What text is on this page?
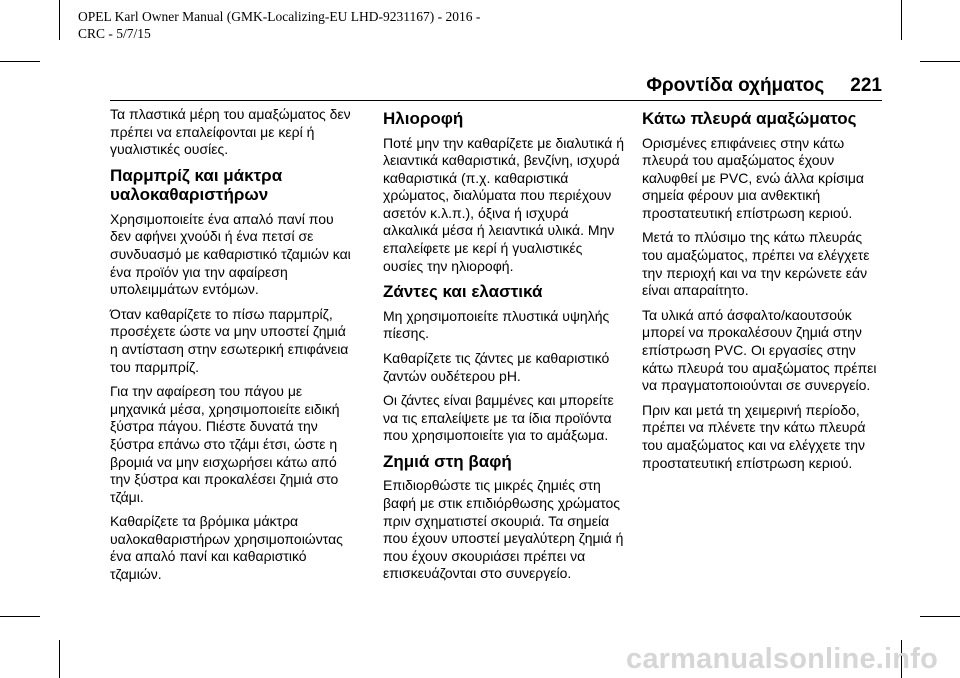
OPEL Karl Owner Manual (GMK-Localizing-EU LHD-9231167) - 2016 -
CRC - 5/7/15
Φροντίδα οχήματος 221

Τα πλαστικά μέρη του αμαξώματος δεν πρέπει να επαλείφονται με κερί ή γυαλιστικές ουσίες.

Παρμπρίζ και μάκτρα υαλοκαθαριστήρων

Χρησιμοποιείτε ένα απαλό πανί που δεν αφήνει χνούδι ή ένα πετσί σε συνδυασμό με καθαριστικό τζαμιών και ένα προϊόν για την αφαίρεση υπολειμμάτων εντόμων.

Όταν καθαρίζετε το πίσω παρμπρίζ, προσέχετε ώστε να μην υποστεί ζημιά η αντίσταση στην εσωτερική επιφάνεια του παρμπρίζ.

Για την αφαίρεση του πάγου με μηχανικά μέσα, χρησιμοποιείτε ειδική ξύστρα πάγου. Πιέστε δυνατά την ξύστρα επάνω στο τζάμι έτσι, ώστε η βρομιά να μην εισχωρήσει κάτω από την ξύστρα και προκαλέσει ζημιά στο τζάμι.

Καθαρίζετε τα βρόμικα μάκτρα υαλοκαθαριστήρων χρησιμοποιώντας ένα απαλό πανί και καθαριστικό τζαμιών.

Ηλιοροφή

Ποτέ μην την καθαρίζετε με διαλυτικά ή λειαντικά καθαριστικά, βενζίνη, ισχυρά καθαριστικά (π.χ. καθαριστικά χρώματος, διαλύματα που περιέχουν ασετόν κ.λ.π.), όξινα ή ισχυρά αλκαλικά μέσα ή λειαντικά υλικά. Μην επαλείφετε με κερί ή γυαλιστικές ουσίες την ηλιοροφή.

Ζάντες και ελαστικά

Μη χρησιμοποιείτε πλυστικά υψηλής πίεσης.

Καθαρίζετε τις ζάντες με καθαριστικό ζαντών ουδέτερου pH.

Οι ζάντες είναι βαμμένες και μπορείτε να τις επαλείψετε με τα ίδια προϊόντα που χρησιμοποιείτε για το αμάξωμα.

Ζημιά στη βαφή

Επιδιορθώστε τις μικρές ζημιές στη βαφή με στικ επιδιόρθωσης χρώματος πριν σχηματιστεί σκουριά. Τα σημεία που έχουν υποστεί μεγαλύτερη ζημιά ή που έχουν σκουριάσει πρέπει να επισκευάζονται στο συνεργείο.

Κάτω πλευρά αμαξώματος

Ορισμένες επιφάνειες στην κάτω πλευρά του αμαξώματος έχουν καλυφθεί με PVC, ενώ άλλα κρίσιμα σημεία φέρουν μια ανθεκτική προστατευτική επίστρωση κεριού.

Μετά το πλύσιμο της κάτω πλευράς του αμαξώματος, πρέπει να ελέγχετε την περιοχή και να την κερώνετε εάν είναι απαραίτητο.

Τα υλικά από άσφαλτο/καουτσούκ μπορεί να προκαλέσουν ζημιά στην επίστρωση PVC. Οι εργασίες στην κάτω πλευρά του αμαξώματος πρέπει να πραγματοποιούνται σε συνεργείο.

Πριν και μετά τη χειμερινή περίοδο, πρέπει να πλένετε την κάτω πλευρά του αμαξώματος και να ελέγχετε την προστατευτική επίστρωση κεριού.

carmanualsonline.info
